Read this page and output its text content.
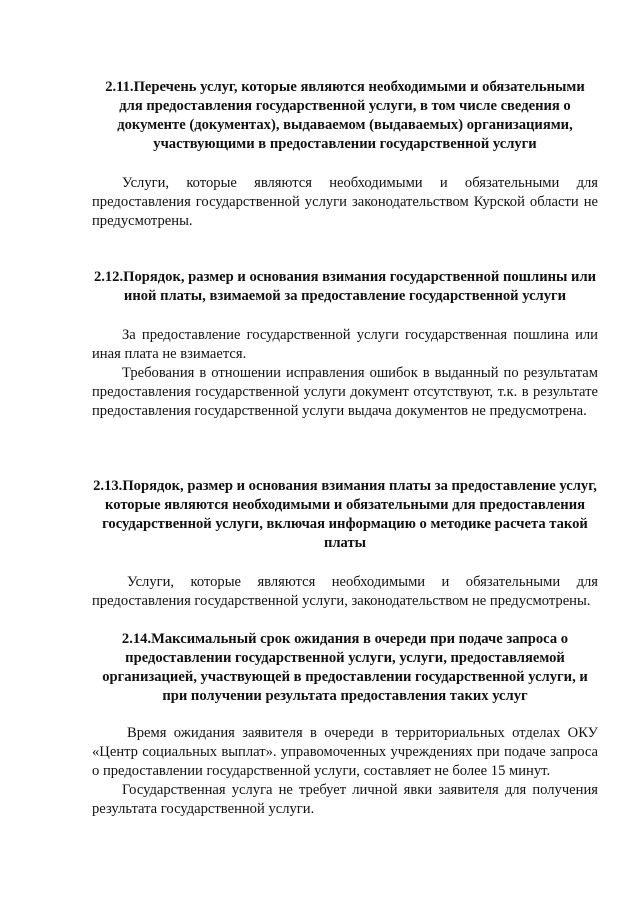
2.11.Перечень услуг, которые являются необходимыми и обязательными для предоставления государственной услуги, в том числе сведения о документе (документах), выдаваемом (выдаваемых) организациями, участвующими в предоставлении государственной услуги

Услуги, которые являются необходимыми и обязательными для предоставления государственной услуги законодательством Курской области не предусмотрены.

2.12.Порядок, размер и основания взимания государственной пошлины или иной платы, взимаемой за предоставление государственной услуги

За предоставление государственной услуги государственная пошлина или иная плата не взимается.

Требования в отношении исправления ошибок в выданный по результатам предоставления государственной услуги документ отсутствуют, т.к. в результате предоставления государственной услуги выдача документов не предусмотрена.

2.13.Порядок, размер и основания взимания платы за предоставление услуг, которые являются необходимыми и обязательными для предоставления государственной услуги, включая информацию о методике расчета такой платы

Услуги, которые являются необходимыми и обязательными для предоставления государственной услуги, законодательством не предусмотрены.

2.14.Максимальный срок ожидания в очереди при подаче запроса о предоставлении государственной услуги, услуги, предоставляемой организацией, участвующей в предоставлении государственной услуги, и при получении результата предоставления таких услуг

Время ожидания заявителя в очереди в территориальных отделах ОКУ «Центр социальных выплат». управомоченных учреждениях при подаче запроса о предоставлении государственной услуги, составляет не более 15 минут.

Государственная услуга не требует личной явки заявителя для получения результата государственной услуги.
